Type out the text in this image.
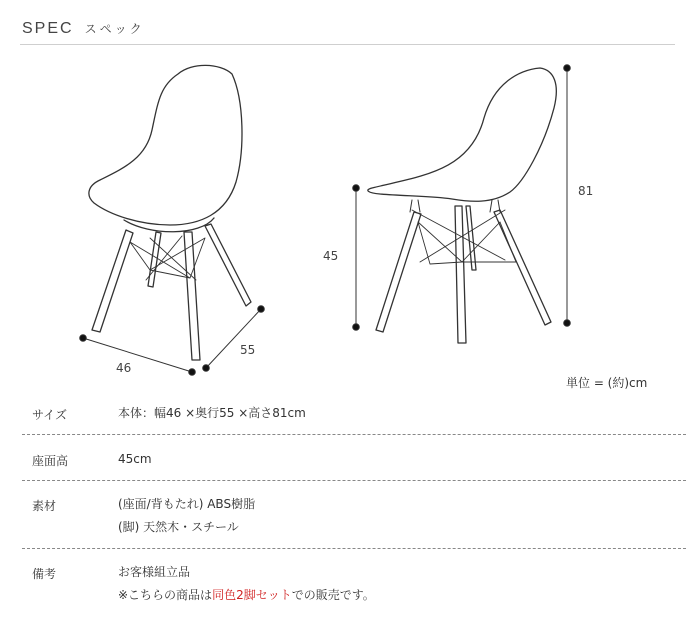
SPEC スペック
46
55
45
81
単位 = (約)cm
サイズ	本体：幅46 ×奥行55 ×高さ81cm
座面高	45cm
素材	(座面/背もたれ) ABS樹脂
(脚) 天然木・スチール
備考	お客様組立品
※こちらの商品は同色2脚セットでの販売です。
